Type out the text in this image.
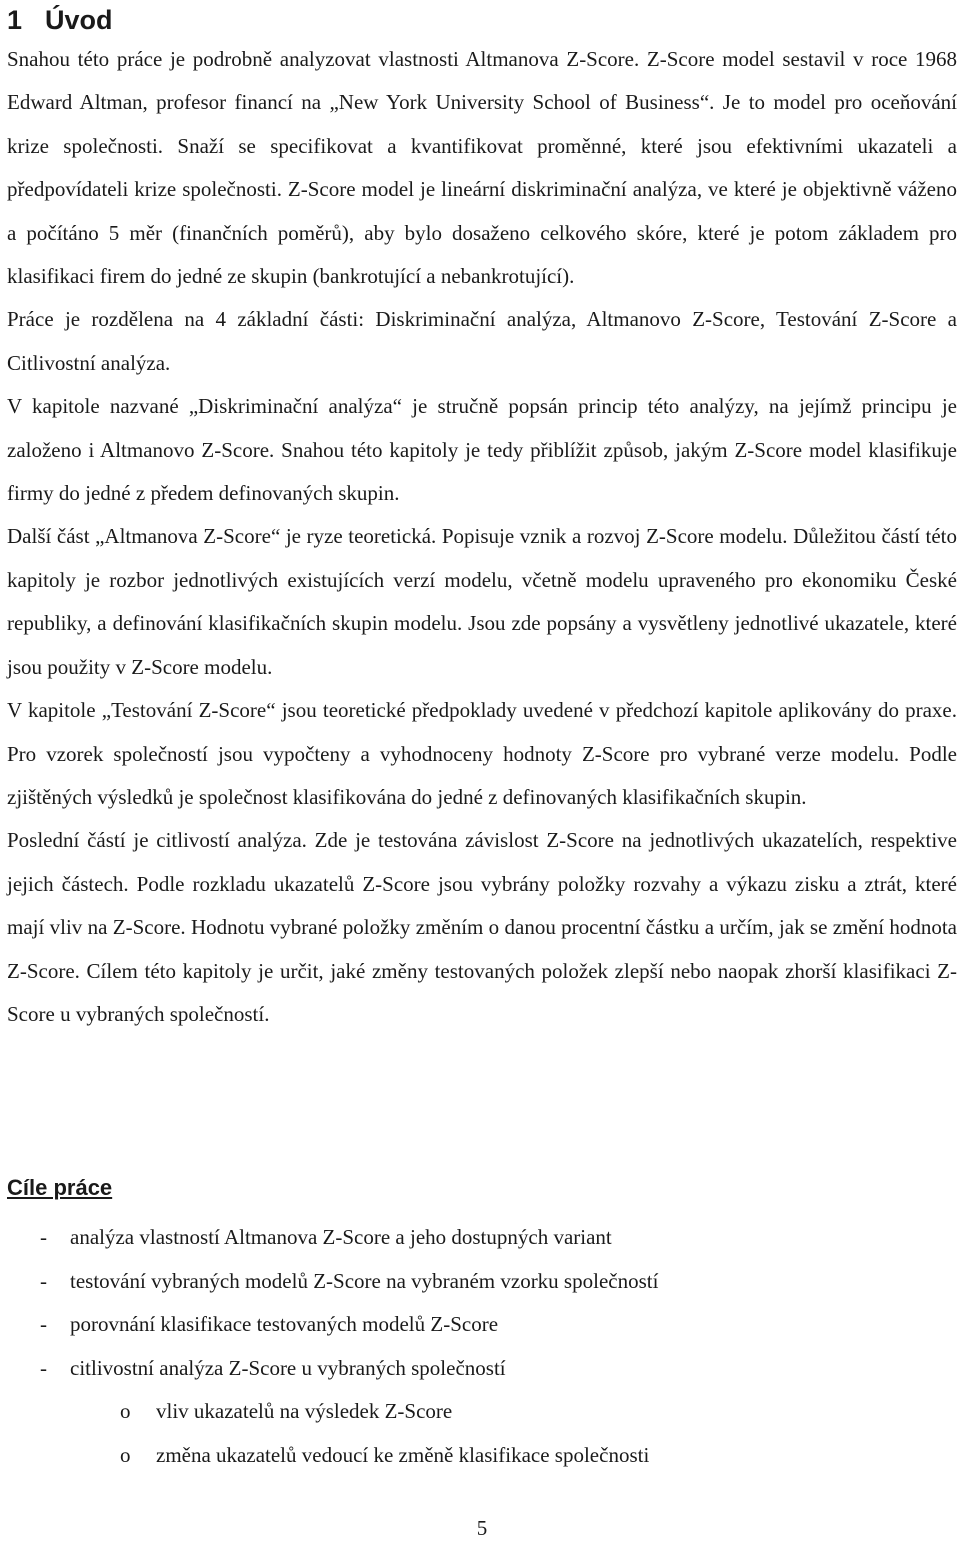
1 Úvod

Snahou této práce je podrobně analyzovat vlastnosti Altmanova Z-Score. Z-Score model sestavil v roce 1968 Edward Altman, profesor financí na „New York University School of Business“. Je to model pro oceňování krize společnosti. Snaží se specifikovat a kvantifikovat proměnné, které jsou efektivními ukazateli a předpovídateli krize společnosti. Z-Score model je lineární diskriminační analýza, ve které je objektivně váženo a počítáno 5 měr (finančních poměrů), aby bylo dosaženo celkového skóre, které je potom základem pro klasifikaci firem do jedné ze skupin (bankrotující a nebankrotující).

Práce je rozdělena na 4 základní části: Diskriminační analýza, Altmanovo Z-Score, Testování Z-Score a Citlivostní analýza.

V kapitole nazvané „Diskriminační analýza“ je stručně popsán princip této analýzy, na jejímž principu je založeno i Altmanovo Z-Score. Snahou této kapitoly je tedy přiblížit způsob, jakým Z-Score model klasifikuje firmy do jedné z předem definovaných skupin.

Další část „Altmanova Z-Score“ je ryze teoretická. Popisuje vznik a rozvoj Z-Score modelu. Důležitou částí této kapitoly je rozbor jednotlivých existujících verzí modelu, včetně modelu upraveného pro ekonomiku České republiky, a definování klasifikačních skupin modelu. Jsou zde popsány a vysvětleny jednotlivé ukazatele, které jsou použity v Z-Score modelu.

V kapitole „Testování Z-Score“ jsou teoretické předpoklady uvedené v předchozí kapitole aplikovány do praxe. Pro vzorek společností jsou vypočteny a vyhodnoceny hodnoty Z-Score pro vybrané verze modelu. Podle zjištěných výsledků je společnost klasifikována do jedné z definovaných klasifikačních skupin.

Poslední částí je citlivostí analýza. Zde je testována závislost Z-Score na jednotlivých ukazatelích, respektive jejich částech. Podle rozkladu ukazatelů Z-Score jsou vybrány položky rozvahy a výkazu zisku a ztrát, které mají vliv na Z-Score. Hodnotu vybrané položky změním o danou procentní částku a určím, jak se změní hodnota Z-Score. Cílem této kapitoly je určit, jaké změny testovaných položek zlepší nebo naopak zhorší klasifikaci Z-Score u vybraných společností.

Cíle práce
- analýza vlastností Altmanova Z-Score a jeho dostupných variant
- testování vybraných modelů Z-Score na vybraném vzorku společností
- porovnání klasifikace testovaných modelů Z-Score
- citlivostní analýza Z-Score u vybraných společností
o vliv ukazatelů na výsledek Z-Score
o změna ukazatelů vedoucí ke změně klasifikace společnosti

5
